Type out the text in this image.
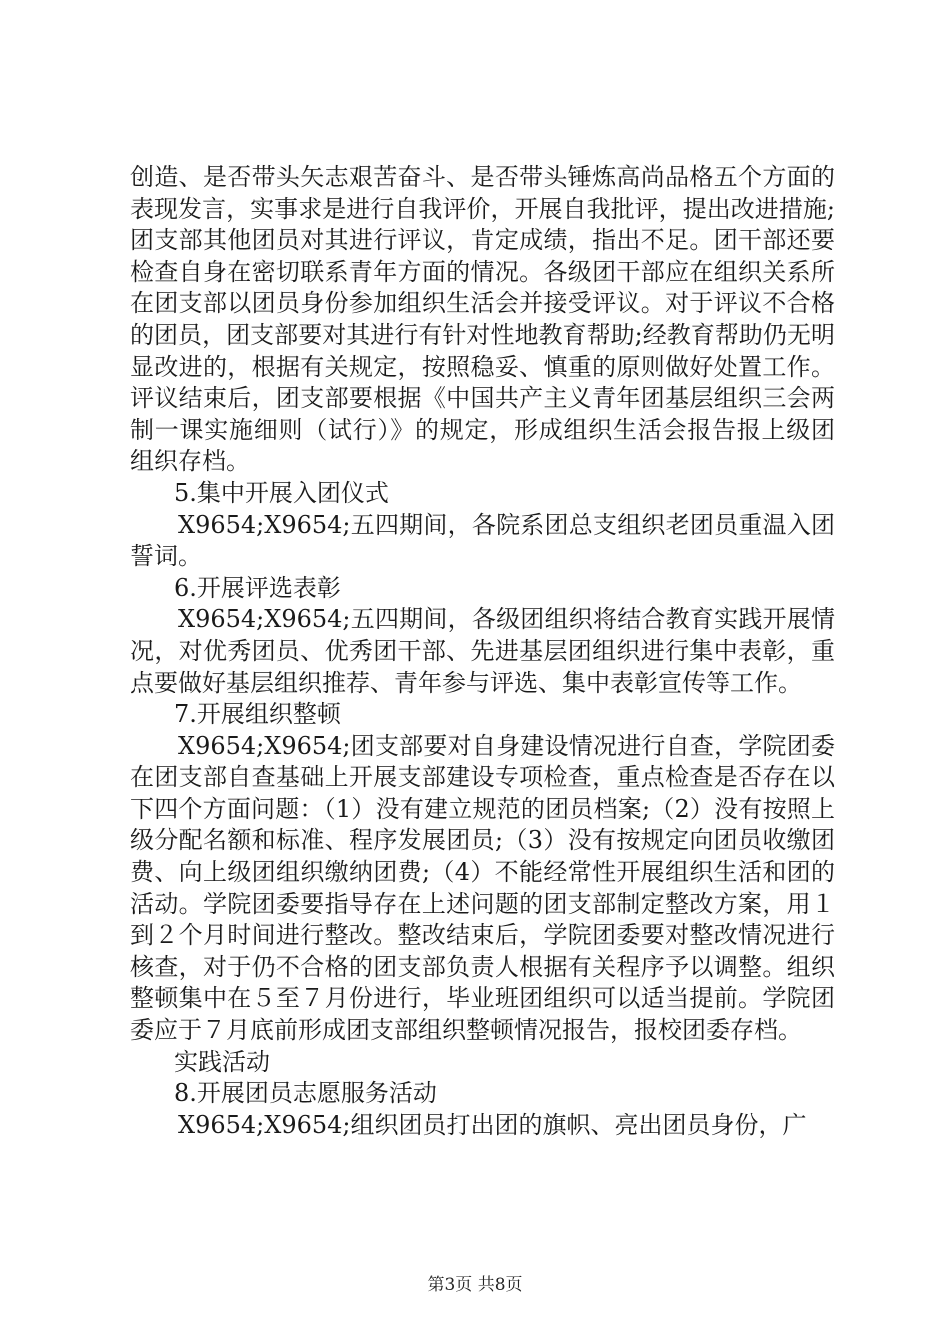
创造、是否带头矢志艰苦奋斗、是否带头锤炼高尚品格五个方面的表现发言，实事求是进行自我评价，开展自我批评，提出改进措施;团支部其他团员对其进行评议，肯定成绩，指出不足。团干部还要检查自身在密切联系青年方面的情况。各级团干部应在组织关系所在团支部以团员身份参加组织生活会并接受评议。对于评议不合格的团员，团支部要对其进行有针对性地教育帮助;经教育帮助仍无明显改进的，根据有关规定，按照稳妥、慎重的原则做好处置工作。评议结束后，团支部要根据《中国共产主义青年团基层组织三会两制一课实施细则（试行）》的规定，形成组织生活会报告报上级团组织存档。

5.集中开展入团仪式

X9654;X9654;五四期间，各院系团总支组织老团员重温入团誓词。

6.开展评选表彰

X9654;X9654;五四期间，各级团组织将结合教育实践开展情况，对优秀团员、优秀团干部、先进基层团组织进行集中表彰，重点要做好基层组织推荐、青年参与评选、集中表彰宣传等工作。

7.开展组织整顿

X9654;X9654;团支部要对自身建设情况进行自查，学院团委在团支部自查基础上开展支部建设专项检查，重点检查是否存在以下四个方面问题：（1）没有建立规范的团员档案;（2）没有按照上级分配名额和标准、程序发展团员;（3）没有按规定向团员收缴团费、向上级团组织缴纳团费;（4）不能经常性开展组织生活和团的活动。学院团委要指导存在上述问题的团支部制定整改方案，用１到２个月时间进行整改。整改结束后，学院团委要对整改情况进行核查，对于仍不合格的团支部负责人根据有关程序予以调整。组织整顿集中在５至７月份进行，毕业班团组织可以适当提前。学院团委应于７月底前形成团支部组织整顿情况报告，报校团委存档。

实践活动

8.开展团员志愿服务活动

X9654;X9654;组织团员打出团的旗帜、亮出团员身份，广

第3页 共8页
